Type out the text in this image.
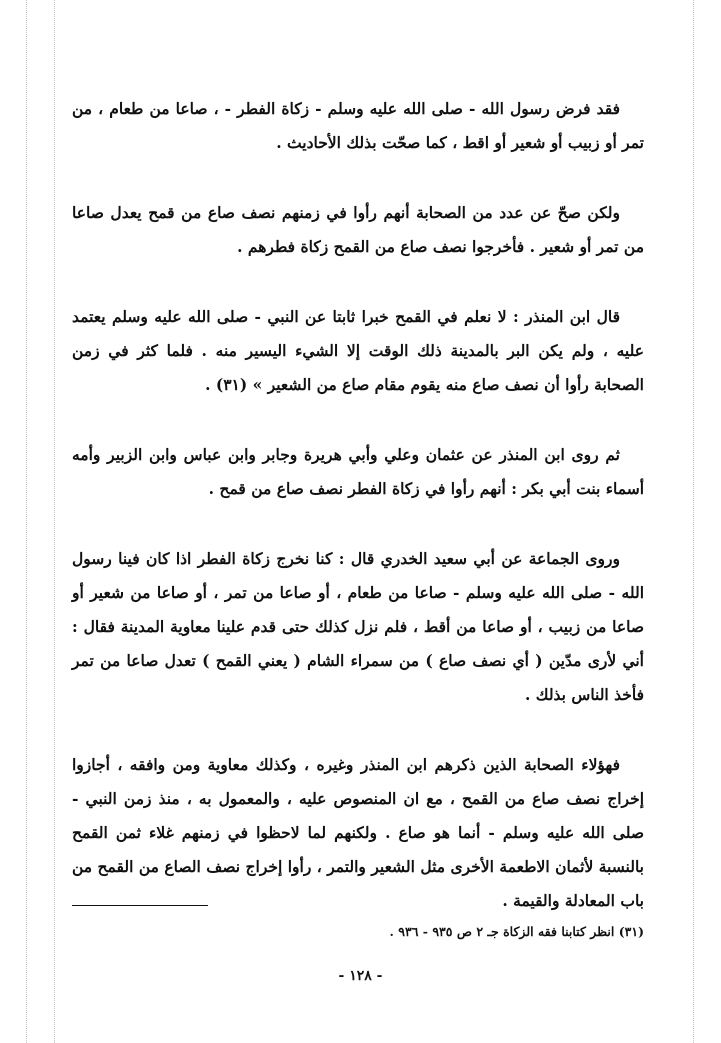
فقد فرض رسول الله - صلى الله عليه وسلم - زكاة الفطر - ، صاعا من طعام ، من تمر أو زبيب أو شعير أو اقط ، كما صحّت بذلك الأحاديث .

ولكن صحّ عن عدد من الصحابة أنهم رأوا في زمنهم نصف صاع من قمح يعدل صاعا من تمر أو شعير . فأخرجوا نصف صاع من القمح زكاة فطرهم .

قال ابن المنذر : لا نعلم في القمح خبرا ثابتا عن النبي - صلى الله عليه وسلم يعتمد عليه ، ولم يكن البر بالمدينة ذلك الوقت إلا الشيء اليسير منه . فلما كثر في زمن الصحابة رأوا أن نصف صاع منه يقوم مقام صاع من الشعير » (٣١) .

ثم روى ابن المنذر عن عثمان وعلي وأبي هريرة وجابر وابن عباس وابن الزبير وأمه أسماء بنت أبي بكر : أنهم رأوا في زكاة الفطر نصف صاع من قمح .

وروى الجماعة عن أبي سعيد الخدري قال : كنا نخرج زكاة الفطر اذا كان فينا رسول الله - صلى الله عليه وسلم - صاعا من طعام ، أو صاعا من تمر ، أو صاعا من شعير أو صاعا من زبيب ، أو صاعا من أقط ، فلم نزل كذلك حتى قدم علينا معاوية المدينة فقال : أني لأرى مدّين ( أي نصف صاع ) من سمراء الشام ( يعني القمح ) تعدل صاعا من تمر فأخذ الناس بذلك .

فهؤلاء الصحابة الذين ذكرهم ابن المنذر وغيره ، وكذلك معاوية ومن وافقه ، أجازوا إخراج نصف صاع من القمح ، مع ان المنصوص عليه ، والمعمول به ، منذ زمن النبي - صلى الله عليه وسلم - أنما هو صاع . ولكنهم لما لاحظوا في زمنهم غلاء ثمن القمح بالنسبة لأثمان الاطعمة الأخرى مثل الشعير والتمر ، رأوا إخراج نصف الصاع من القمح من باب المعادلة والقيمة .

(٣١) انظر كتابنا فقه الزكاة جـ ٢ ص ٩٣٥ - ٩٣٦ .
- ١٢٨ -
